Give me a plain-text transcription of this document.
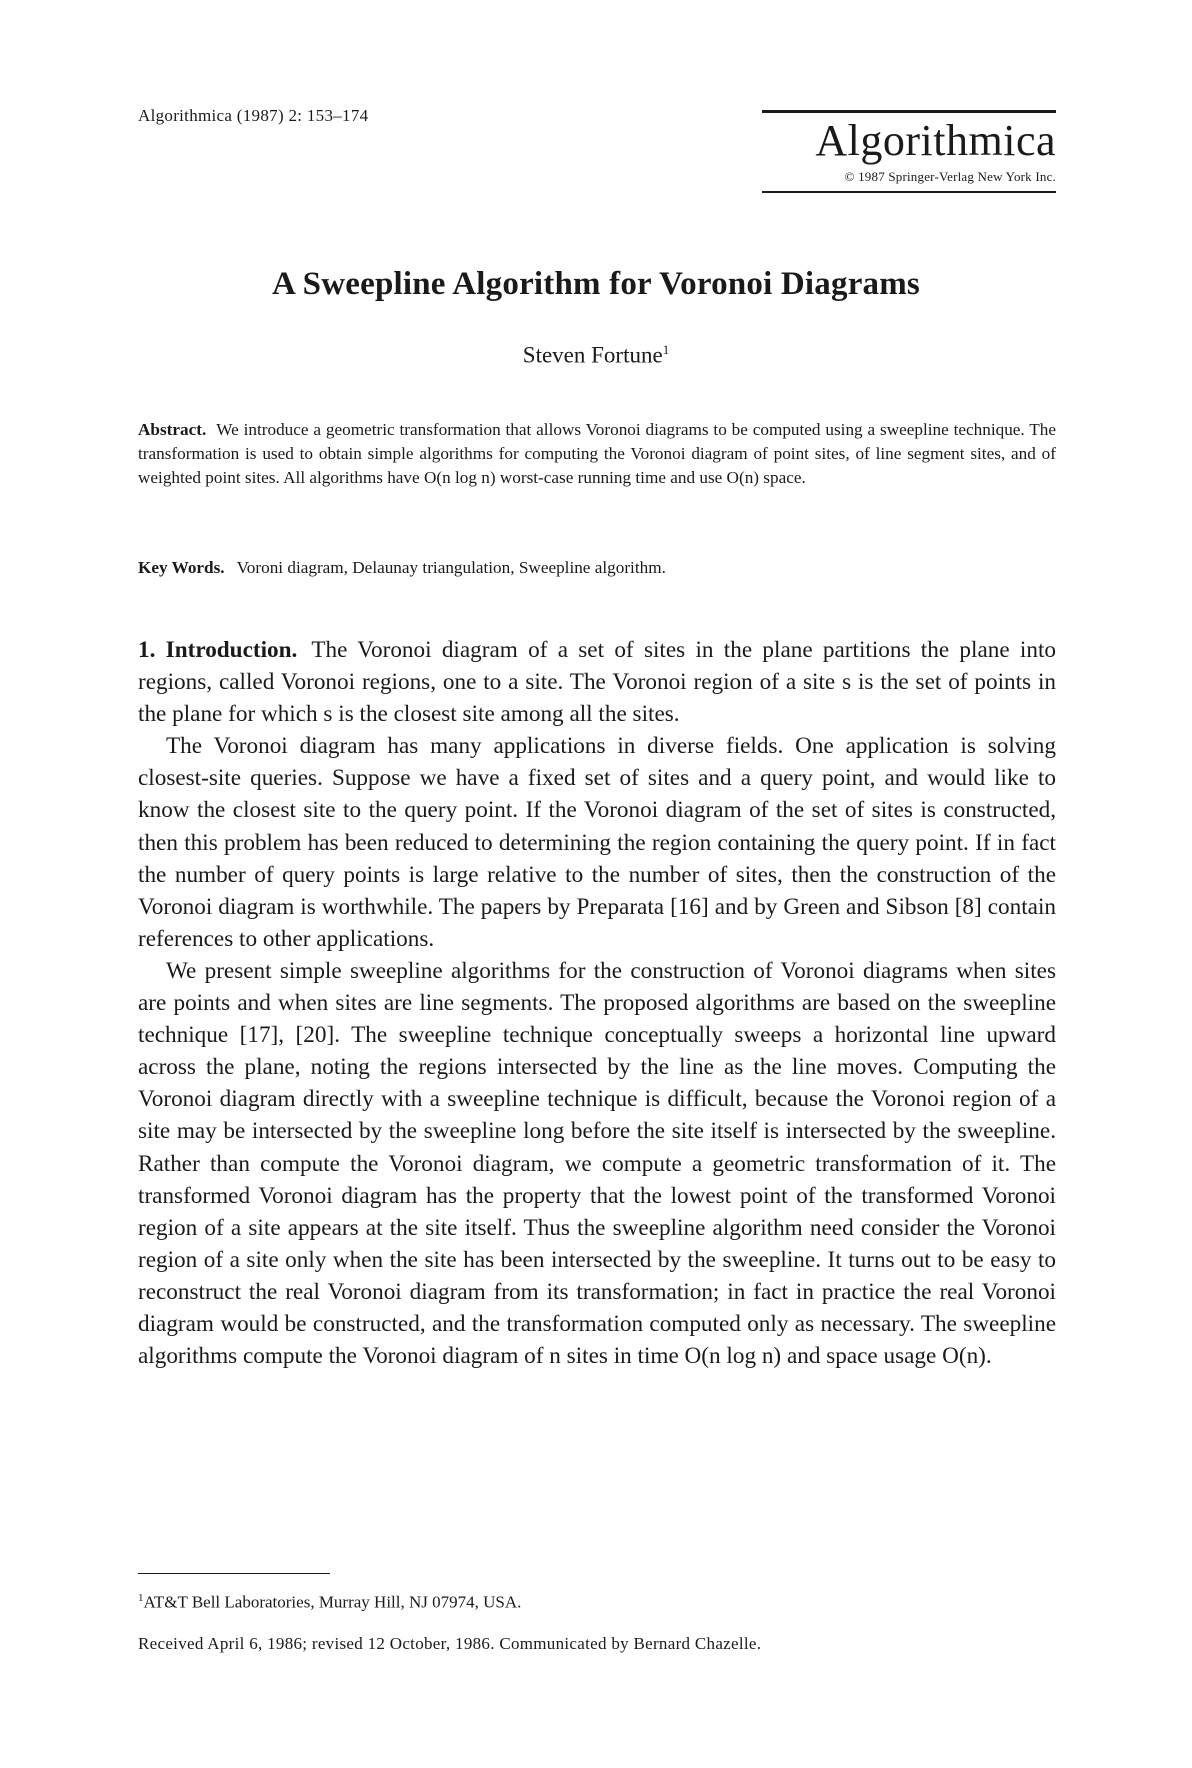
Algorithmica (1987) 2: 153–174
Algorithmica
© 1987 Springer-Verlag New York Inc.
A Sweepline Algorithm for Voronoi Diagrams
Steven Fortune$^1$
Abstract. We introduce a geometric transformation that allows Voronoi diagrams to be computed using a sweepline technique. The transformation is used to obtain simple algorithms for computing the Voronoi diagram of point sites, of line segment sites, and of weighted point sites. All algorithms have O(n log n) worst-case running time and use O(n) space.
Key Words. Voroni diagram, Delaunay triangulation, Sweepline algorithm.

1. Introduction. The Voronoi diagram of a set of sites in the plane partitions the plane into regions, called Voronoi regions, one to a site. The Voronoi region of a site s is the set of points in the plane for which s is the closest site among all the sites.

The Voronoi diagram has many applications in diverse fields. One application is solving closest-site queries. Suppose we have a fixed set of sites and a query point, and would like to know the closest site to the query point. If the Voronoi diagram of the set of sites is constructed, then this problem has been reduced to determining the region containing the query point. If in fact the number of query points is large relative to the number of sites, then the construction of the Voronoi diagram is worthwhile. The papers by Preparata [16] and by Green and Sibson [8] contain references to other applications.

We present simple sweepline algorithms for the construction of Voronoi diagrams when sites are points and when sites are line segments. The proposed algorithms are based on the sweepline technique [17], [20]. The sweepline technique conceptually sweeps a horizontal line upward across the plane, noting the regions intersected by the line as the line moves. Computing the Voronoi diagram directly with a sweepline technique is difficult, because the Voronoi region of a site may be intersected by the sweepline long before the site itself is intersected by the sweepline. Rather than compute the Voronoi diagram, we compute a geometric transformation of it. The transformed Voronoi diagram has the property that the lowest point of the transformed Voronoi region of a site appears at the site itself. Thus the sweepline algorithm need consider the Voronoi region of a site only when the site has been intersected by the sweepline. It turns out to be easy to reconstruct the real Voronoi diagram from its transformation; in fact in practice the real Voronoi diagram would be constructed, and the transformation computed only as necessary. The sweepline algorithms compute the Voronoi diagram of n sites in time O(n log n) and space usage O(n).

$^1$AT&T Bell Laboratories, Murray Hill, NJ 07974, USA.
Received April 6, 1986; revised 12 October, 1986. Communicated by Bernard Chazelle.
